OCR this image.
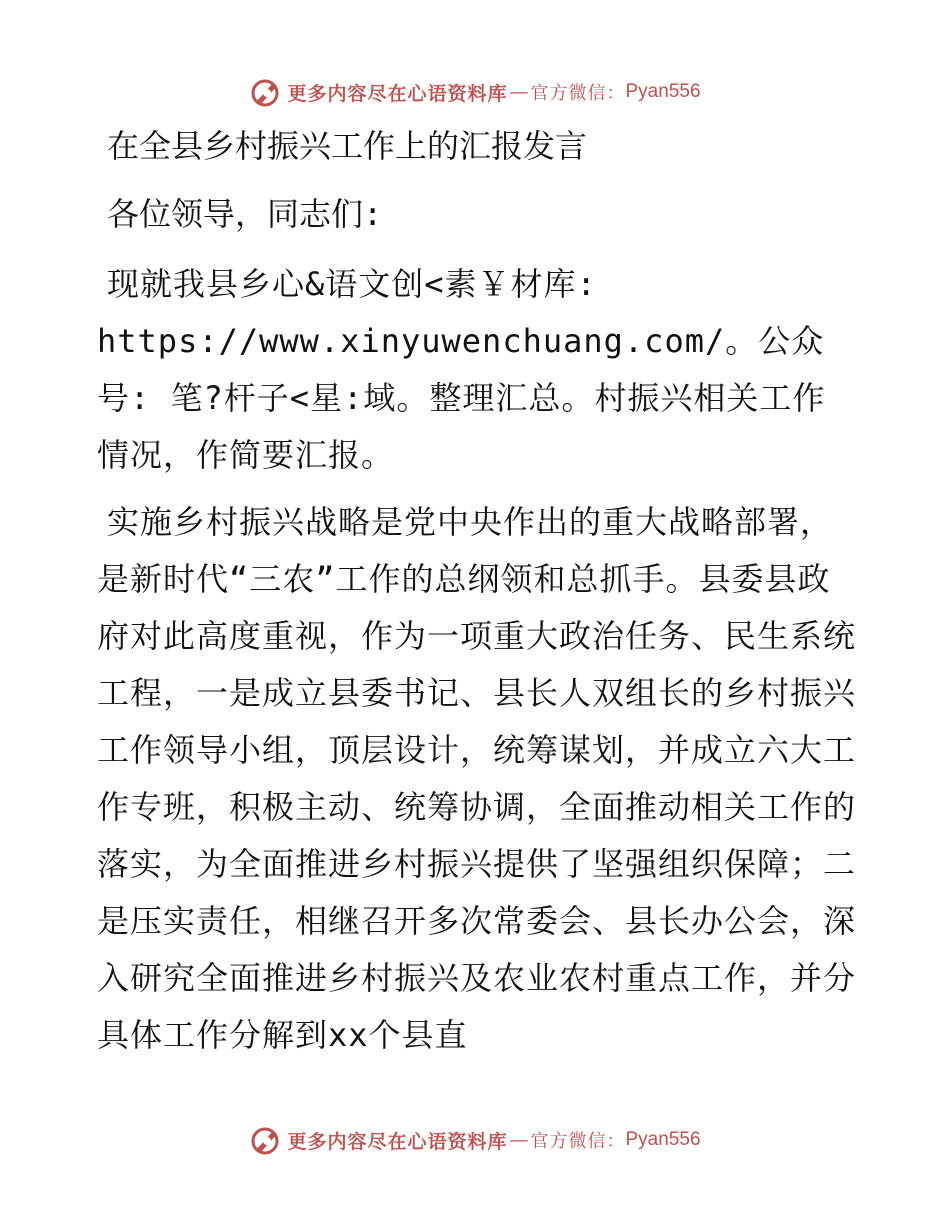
更多内容尽在心语资料库 — 官方微信： Pyan556

在全县乡村振兴工作上的汇报发言

各位领导，同志们:

现就我县乡心&语文创<素￥材库: https://www.xinyuwenchuang.com/。公众号: 笔?杆子<星:域。整理汇总。村振兴相关工作情况，作简要汇报。

实施乡村振兴战略是党中央作出的重大战略部署，是新时代“三农”工作的总纲领和总抓手。县委县政府对此高度重视，作为一项重大政治任务、民生系统工程，一是成立县委书记、县长人双组长的乡村振兴工作领导小组，顶层设计，统筹谋划，并成立六大工作专班，积极主动、统筹协调，全面推动相关工作的落实，为全面推进乡村振兴提供了坚强组织保障；二是压实责任，相继召开多次常委会、县长办公会，深入研究全面推进乡村振兴及农业农村重点工作，并分具体工作分解到xx个县直

更多内容尽在心语资料库 — 官方微信： Pyan556
